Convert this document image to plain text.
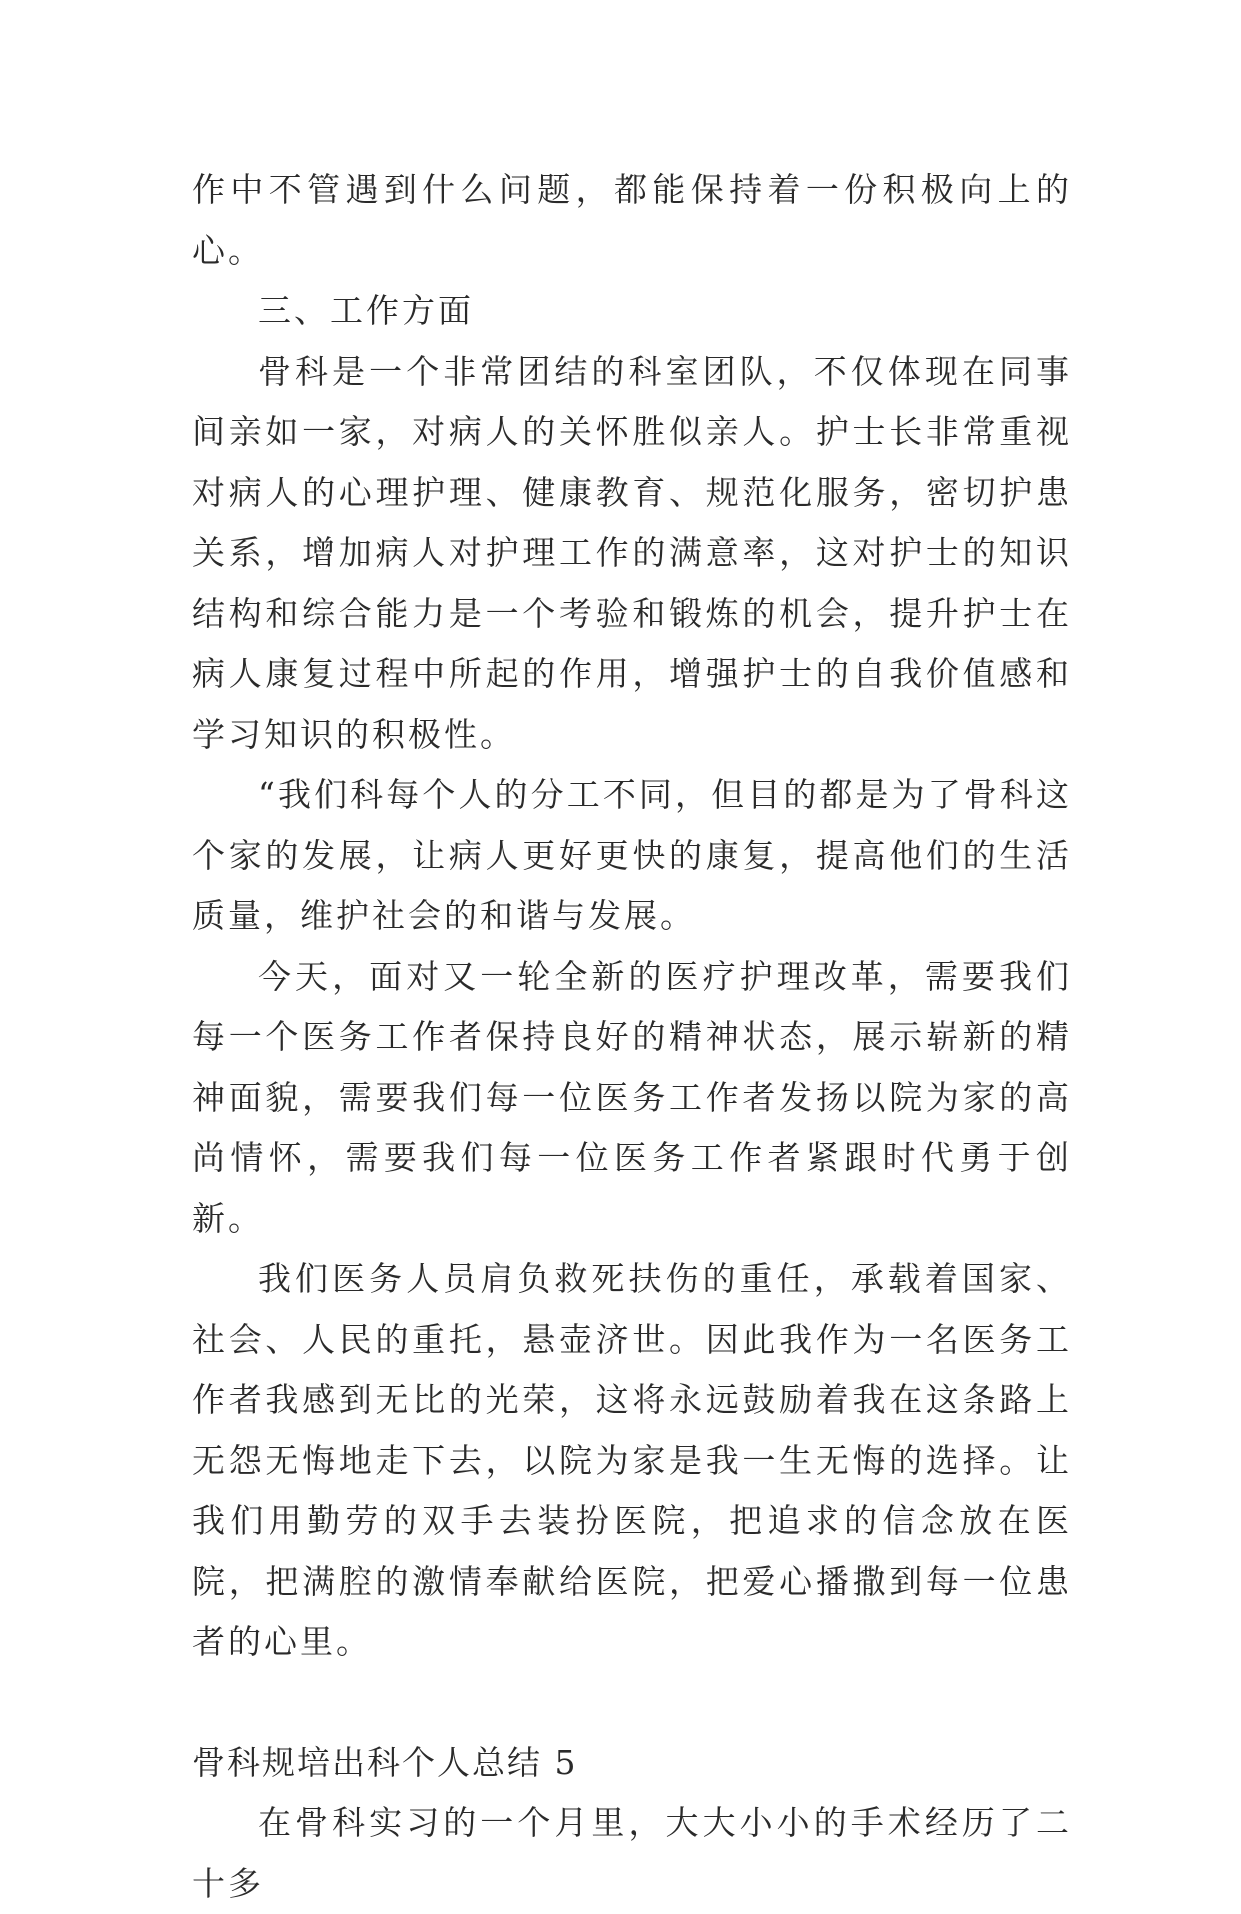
作中不管遇到什么问题，都能保持着一份积极向上的心。

三、工作方面

骨科是一个非常团结的科室团队，不仅体现在同事间亲如一家，对病人的关怀胜似亲人。护士长非常重视对病人的心理护理、健康教育、规范化服务，密切护患关系，增加病人对护理工作的满意率，这对护士的知识结构和综合能力是一个考验和锻炼的机会，提升护士在病人康复过程中所起的作用，增强护士的自我价值感和学习知识的积极性。

“我们科每个人的分工不同，但目的都是为了骨科这个家的发展，让病人更好更快的康复，提高他们的生活质量，维护社会的和谐与发展。

今天，面对又一轮全新的医疗护理改革，需要我们每一个医务工作者保持良好的精神状态，展示崭新的精神面貌，需要我们每一位医务工作者发扬以院为家的高尚情怀，需要我们每一位医务工作者紧跟时代勇于创新。

我们医务人员肩负救死扶伤的重任，承载着国家、社会、人民的重托，悬壶济世。因此我作为一名医务工作者我感到无比的光荣，这将永远鼓励着我在这条路上无怨无悔地走下去，以院为家是我一生无悔的选择。让我们用勤劳的双手去装扮医院，把追求的信念放在医院，把满腔的激情奉献给医院，把爱心播撒到每一位患者的心里。

骨科规培出科个人总结 5

在骨科实习的一个月里，大大小小的手术经历了二十多
